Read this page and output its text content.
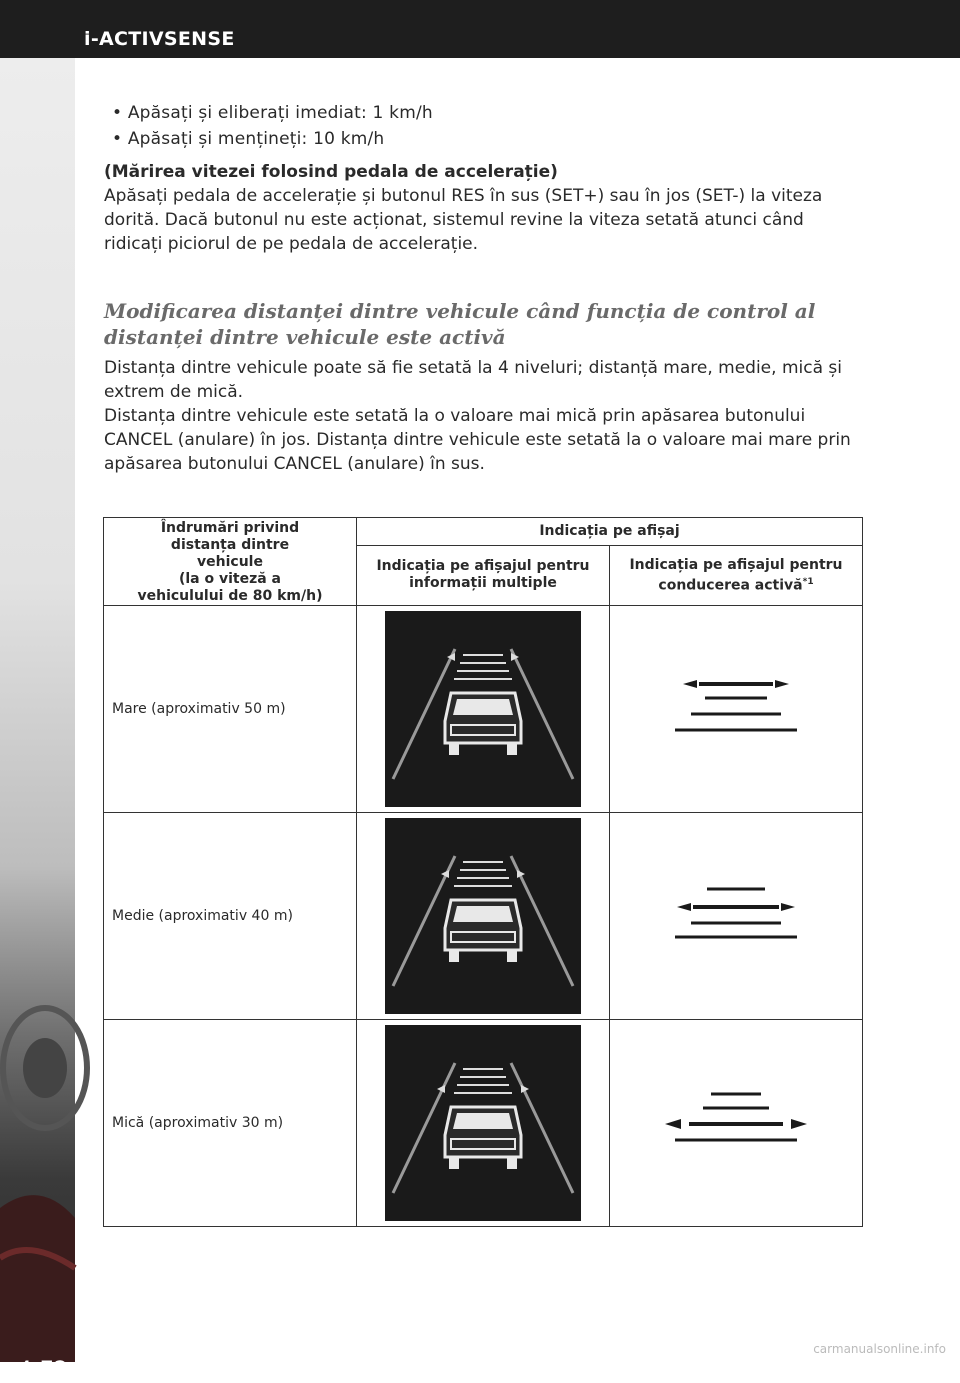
i-ACTIVSENSE
4-72
• Apăsați și eliberați imediat: 1 km/h
• Apăsați și mențineți: 10 km/h
(Mărirea vitezei folosind pedala de accelerație)

Apăsați pedala de accelerație și butonul RES în sus (SET+) sau în jos (SET-) la viteza dorită. Dacă butonul nu este acționat, sistemul revine la viteza setată atunci când ridicați piciorul de pe pedala de accelerație.

Modificarea distanței dintre vehicule când funcția de control al distanței dintre vehicule este activă

Distanța dintre vehicule poate să fie setată la 4 niveluri; distanță mare, medie, mică și extrem de mică.

Distanța dintre vehicule este setată la o valoare mai mică prin apăsarea butonului CANCEL (anulare) în jos. Distanța dintre vehicule este setată la o valoare mai mare prin apăsarea butonului CANCEL (anulare) în sus.

Îndrumări privind distanța dintre vehicule
(la o viteză a vehiculului de 80 km/h)	Indicația pe afișaj	

	Indicația pe afișajul pentru informații multiple	Indicația pe afișajul pentru conducerea activă$^{*1}$
Mare (aproximativ 50 m)	

Medie (aproximativ 40 m)	

Mică (aproximativ 30 m)	

carmanualsonline.info
